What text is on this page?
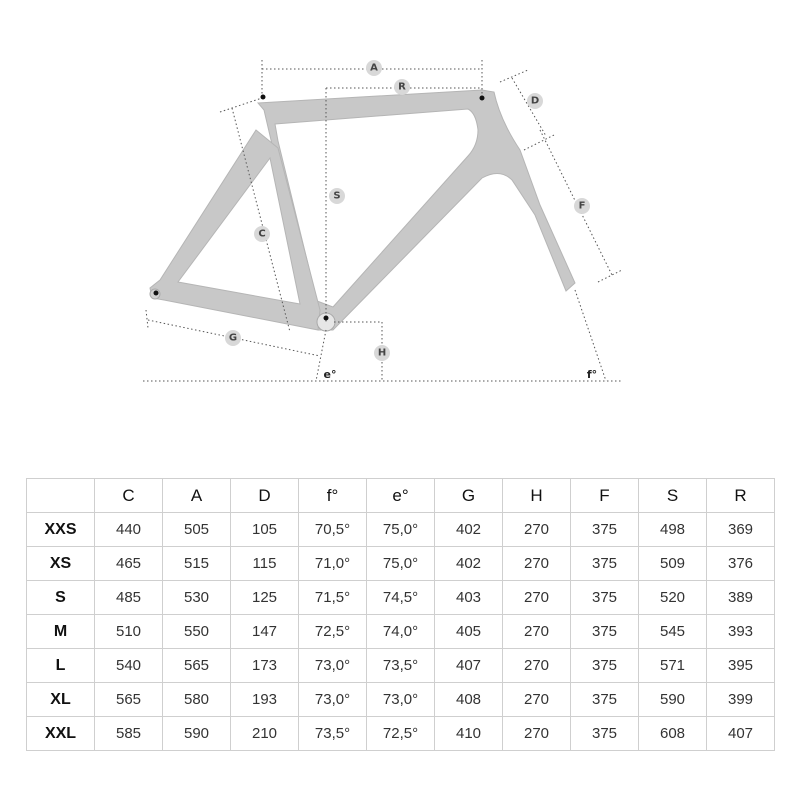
A
R
D
S
F
C
G
H
e°	f°
	C	A	D	f°	e°	G	H	F	S	R
XXS	440	505	105	70,5°	75,0°	402	270	375	498	369
XS	465	515	115	71,0°	75,0°	402	270	375	509	376
S	485	530	125	71,5°	74,5°	403	270	375	520	389
M	510	550	147	72,5°	74,0°	405	270	375	545	393
L	540	565	173	73,0°	73,5°	407	270	375	571	395
XL	565	580	193	73,0°	73,0°	408	270	375	590	399
XXL	585	590	210	73,5°	72,5°	410	270	375	608	407
